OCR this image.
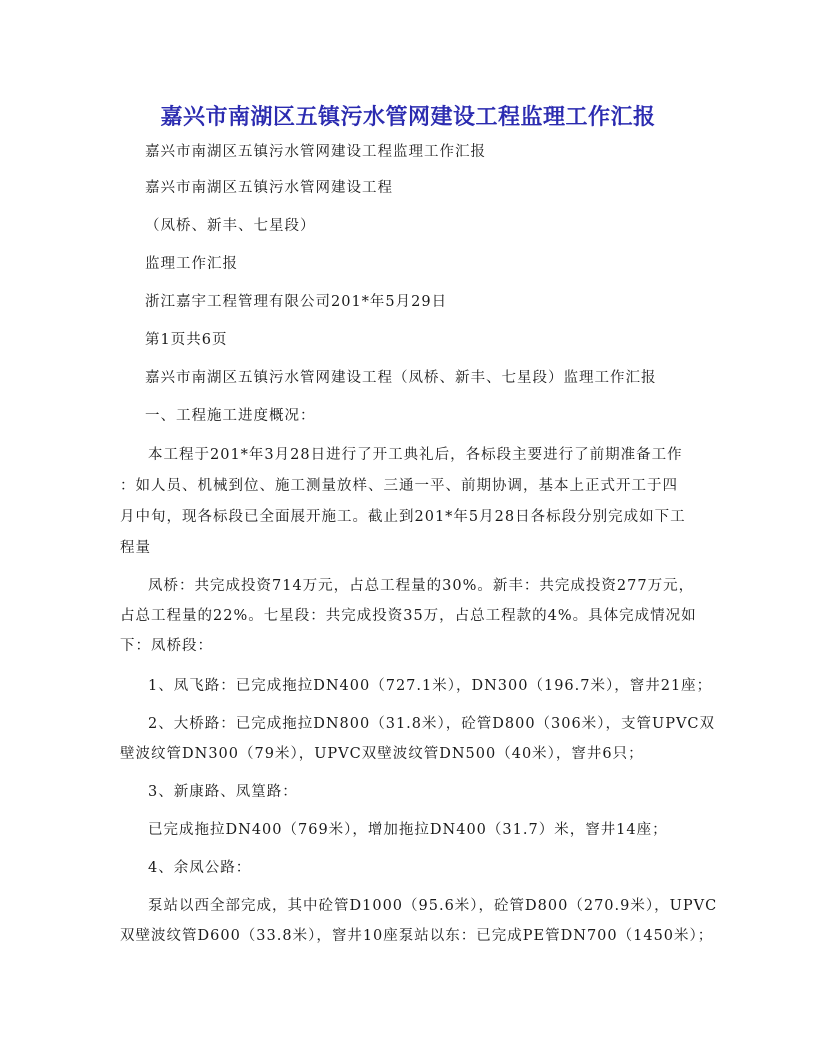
嘉兴市南湖区五镇污水管网建设工程监理工作汇报
嘉兴市南湖区五镇污水管网建设工程监理工作汇报
嘉兴市南湖区五镇污水管网建设工程
（凤桥、新丰、七星段）
监理工作汇报
浙江嘉宇工程管理有限公司201*年5月29日
第1页共6页
嘉兴市南湖区五镇污水管网建设工程（凤桥、新丰、七星段）监理工作汇报
一、工程施工进度概况：
本工程于201*年3月28日进行了开工典礼后，各标段主要进行了前期准备工作
：如人员、机械到位、施工测量放样、三通一平、前期协调，基本上正式开工于四
月中旬，现各标段已全面展开施工。截止到201*年5月28日各标段分别完成如下工
程量
凤桥：共完成投资714万元，占总工程量的30%。新丰：共完成投资277万元，
占总工程量的22%。七星段：共完成投资35万，占总工程款的4%。具体完成情况如
下：凤桥段：
1、凤飞路：已完成拖拉DN400（727.1米），DN300（196.7米），窨井21座；
2、大桥路：已完成拖拉DN800（31.8米），砼管D800（306米），支管UPVC双
壁波纹管DN300（79米），UPVC双壁波纹管DN500（40米），窨井6只；
3、新康路、凤篁路：
已完成拖拉DN400（769米），增加拖拉DN400（31.7）米，窨井14座；
4、余凤公路：
泵站以西全部完成，其中砼管D1000（95.6米），砼管D800（270.9米），UPVC
双壁波纹管D600（33.8米），窨井10座泵站以东：已完成PE管DN700（1450米）；
